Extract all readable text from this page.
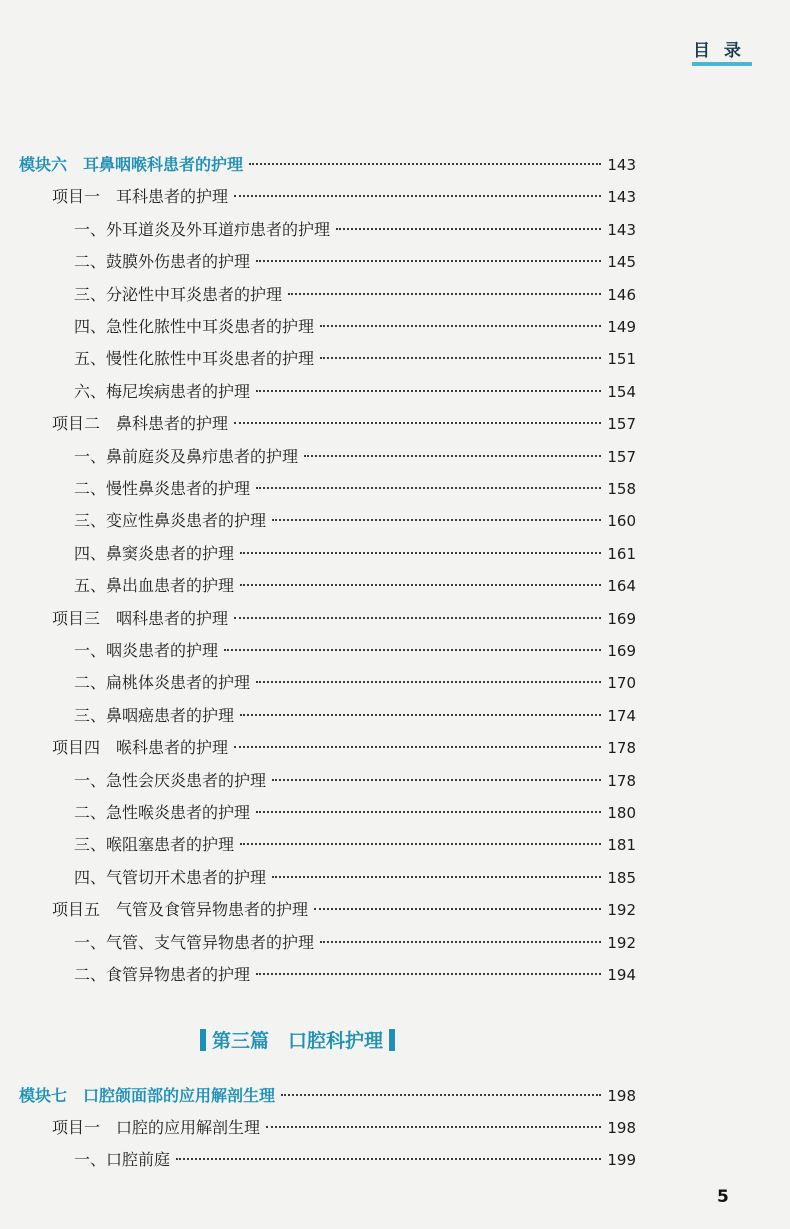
目 录
模块六　耳鼻咽喉科患者的护理	143
项目一　耳科患者的护理	143
一、外耳道炎及外耳道疖患者的护理	143
二、鼓膜外伤患者的护理	145
三、分泌性中耳炎患者的护理	146
四、急性化脓性中耳炎患者的护理	149
五、慢性化脓性中耳炎患者的护理	151
六、梅尼埃病患者的护理	154
项目二　鼻科患者的护理	157
一、鼻前庭炎及鼻疖患者的护理	157
二、慢性鼻炎患者的护理	158
三、变应性鼻炎患者的护理	160
四、鼻窦炎患者的护理	161
五、鼻出血患者的护理	164
项目三　咽科患者的护理	169
一、咽炎患者的护理	169
二、扁桃体炎患者的护理	170
三、鼻咽癌患者的护理	174
项目四　喉科患者的护理	178
一、急性会厌炎患者的护理	178
二、急性喉炎患者的护理	180
三、喉阻塞患者的护理	181
四、气管切开术患者的护理	185
项目五　气管及食管异物患者的护理	192
一、气管、支气管异物患者的护理	192
二、食管异物患者的护理	194
第三篇　口腔科护理
模块七　口腔颌面部的应用解剖生理	198
项目一　口腔的应用解剖生理	198
一、口腔前庭	199
5
